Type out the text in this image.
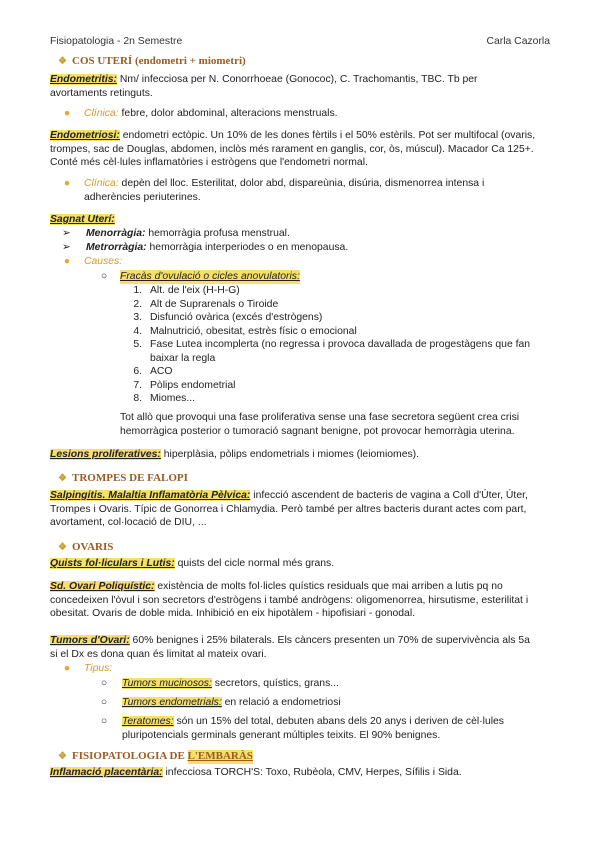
Fisiopatologia - 2n Semestre	Carla Cazorla
❖ COS UTERÍ (endometri + miometri)
Endometritis: Nm/ infecciosa per N. Conorrhoeae (Gonococ), C. Trachomantis, TBC. Tb per
avortaments retinguts.
●	Clínica: febre, dolor abdominal, alteracions menstruals.
Endometriosi: endometri ectòpic. Un 10% de les dones fèrtils i el 50% estèrils. Pot ser multifocal (ovaris,
trompes, sac de Douglas, abdomen, inclòs més rarament en ganglis, cor, òs, múscul). Macador Ca 125+.
Conté més cèl·lules inflamatòries i estrògens que l'endometri normal.
●	Clínica: depèn del lloc. Esterilitat, dolor abd, dispareùnia, disúria, dismenorrea intensa i
adherències periuterines.
Sagnat Uterí:
➢	Menorràgia: hemorràgia profusa menstrual.
➢	Metrorràgia: hemorràgia interperiodes o en menopausa.
●	Causes:
○	Fracàs d'ovulació o cicles anovulatoris:
1. Alt. de l'eix (H-H-G)
2. Alt de Suprarenals o Tiroide
3. Disfunció ovàrica (excés d'estrògens)
4. Malnutrició, obesitat, estrès físic o emocional
5. Fase Lutea incomplerta (no regressa i provoca davallada de progestàgens que fan
baixar la regla
6. ACO
7. Pòlips endometrial
8. Miomes...
Tot allò que provoqui una fase proliferativa sense una fase secretora següent crea crisi
hemorràgica posterior o tumoració sagnant benigne, pot provocar hemorràgia uterina.
Lesions proliferatives: hiperplàsia, pòlips endometrials i miomes (leiomiomes).
❖ TROMPES DE FALOPI
Salpingitis. Malaltia Inflamatòria Pèlvica: infecció ascendent de bacteris de vagina a Coll d'Úter, Úter,
Trompes i Ovaris. Típic de Gonorrea i Chlamydia. Però també per altres bacteris durant actes com part,
avortament, col·locació de DIU, ...
❖ OVARIS
Quists fol·liculars i Lutis: quists del cicle normal més grans.
Sd. Ovari Poliquístic: existència de molts fol·licles quístics residuals que mai arriben a lutis pq no
concedeixen l'òvul i son secretors d'estrògens i també andrògens: oligomenorrea, hirsutisme, esterilitat i
obesitat. Ovaris de doble mida. Inhibició en eix hipotàlem - hipofisiari - gonodal.
Tumors d'Ovari: 60% benignes i 25% bilaterals. Els càncers presenten un 70% de supervivència als 5a
si el Dx es dona quan és limitat al mateix ovari.
●	Tipus:
○	Tumors mucinosos: secretors, quístics, grans...
○	Tumors endometrials: en relació a endometriosi
○	Teratomes: són un 15% del total, debuten abans dels 20 anys i deriven de cèl·lules
pluripotencials germinals generant múltiples teixits. El 90% benignes.
❖ FISIOPATOLOGIA DE L'EMBARÀS
Inflamació placentària: infecciosa TORCH'S: Toxo, Rubèola, CMV, Herpes, Sífilis i Sida.
